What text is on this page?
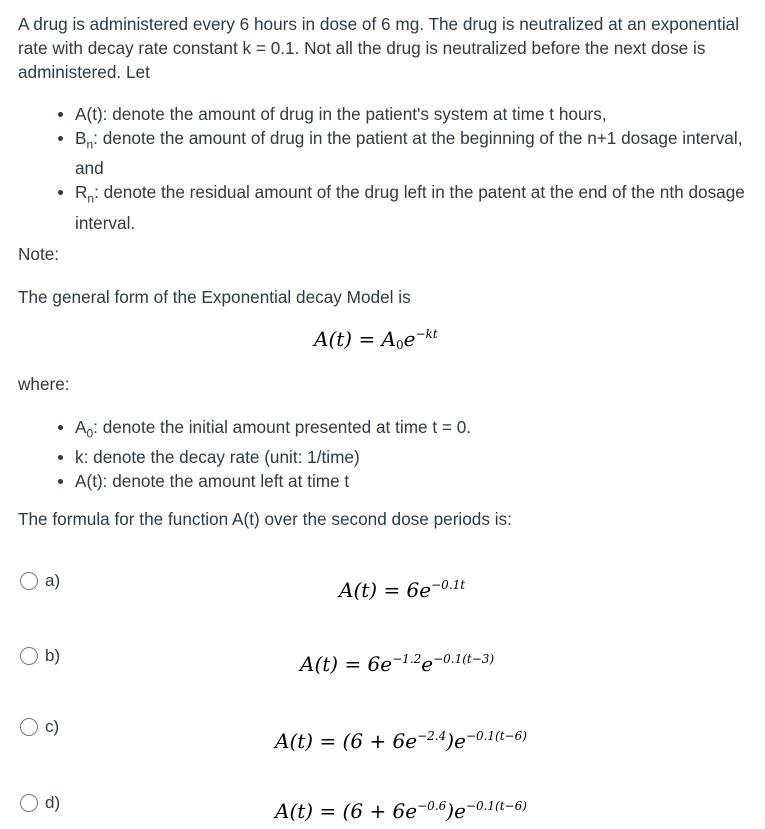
A drug is administered every 6 hours in dose of 6 mg. The drug is neutralized at an exponential rate with decay rate constant k = 0.1. Not all the drug is neutralized before the next dose is administered. Let

A(t): denote the amount of drug in the patient's system at time t hours,
$B_n$: denote the amount of drug in the patient at the beginning of the n+1 dosage interval, and
$R_n$: denote the residual amount of the drug left in the patent at the end of the nth dosage interval.

Note:

The general form of the Exponential decay Model is

$A(t) = A_0e^{-kt}$

where:

$A_0$: denote the initial amount presented at time t = 0.
k: denote the decay rate (unit: 1/time)
A(t): denote the amount left at time t

The formula for the function A(t) over the second dose periods is:

a)	$A(t) = 6e^{-0.1t}$
b)	$A(t) = 6e^{-1.2}e^{-0.1(t-3)}$
c)
$A(t) = (6 + 6e^{-2.4})e^{-0.1(t-6)}$
d)	$A(t) = (6 + 6e^{-0.6})e^{-0.1(t-6)}$
